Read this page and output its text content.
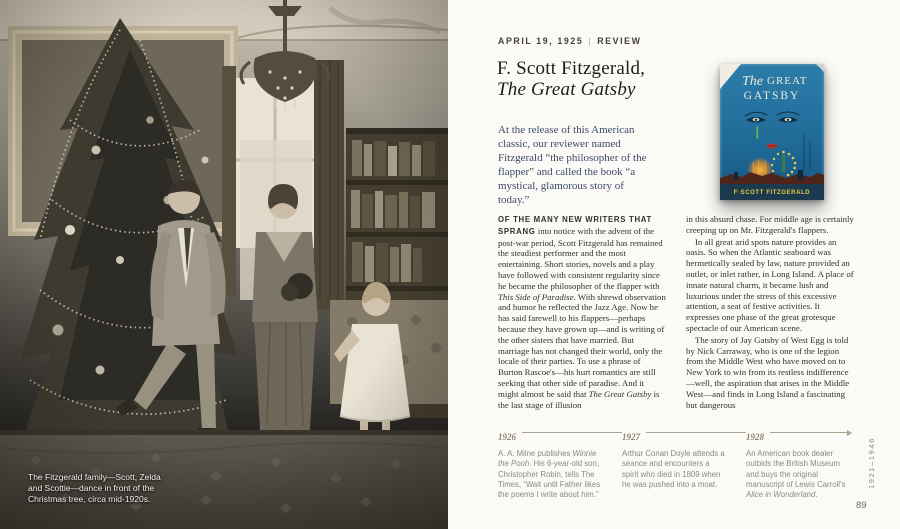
The Fitzgerald family—Scott, Zelda and Scottie—dance in front of the Christmas tree, circa mid-1920s.
APRIL 19, 1925 | REVIEW
F. Scott Fitzgerald,
The Great Gatsby
At the release of this American classic, our reviewer named Fitzgerald “the philosopher of the flapper” and called the book “a mystical, glamorous story of today.”
The GREAT
GATSBY
F·SCOTT FITZGERALD

OF THE MANY NEW WRITERS THAT SPRANG into notice with the advent of the post-war period, Scott Fitzgerald has remained the steadiest performer and the most entertaining. Short stories, novels and a play have followed with consistent regularity since he became the philosopher of the flapper with This Side of Paradise. With shrewd observation and humor he reflected the Jazz Age. Now he has said farewell to his flappers—perhaps because they have grown up—and is writing of the other sisters that have married. But marriage has not changed their world, only the locale of their parties. To use a phrase of Burton Rascoe's—his hurt romantics are still seeking that other side of paradise. And it might almost be said that The Great Gatsby is the last stage of illusion

in this absurd chase. For middle age is certainly creeping up on Mr. Fitzgerald's flappers.

In all great arid spots nature provides an oasis. So when the Atlantic seaboard was hermetically sealed by law, nature provided an outlet, or inlet rather, in Long Island. A place of innate natural charm, it became lush and luxurious under the stress of this excessive attention, a seat of festive activities. It expresses one phase of the great grotesque spectacle of our American scene.

The story of Jay Gatsby of West Egg is told by Nick Carraway, who is one of the legion from the Middle West who have moved on to New York to win from its restless indifference—well, the aspiration that arises in the Middle West—and finds in Long Island a fascinating but dangerous

1926
A. A. Milne publishes Winnie the Pooh. His 6-year-old son, Christopher Robin, tells The Times, “Wait until Father likes the poems I write about him.”
1927
Arthur Conan Doyle attends a séance and encounters a spirit who died in 1809 when he was pushed into a moat.
1928
An American book dealer outbids the British Museum and buys the original manuscript of Lewis Carroll's Alice in Wonderland.
1921–1946
89
